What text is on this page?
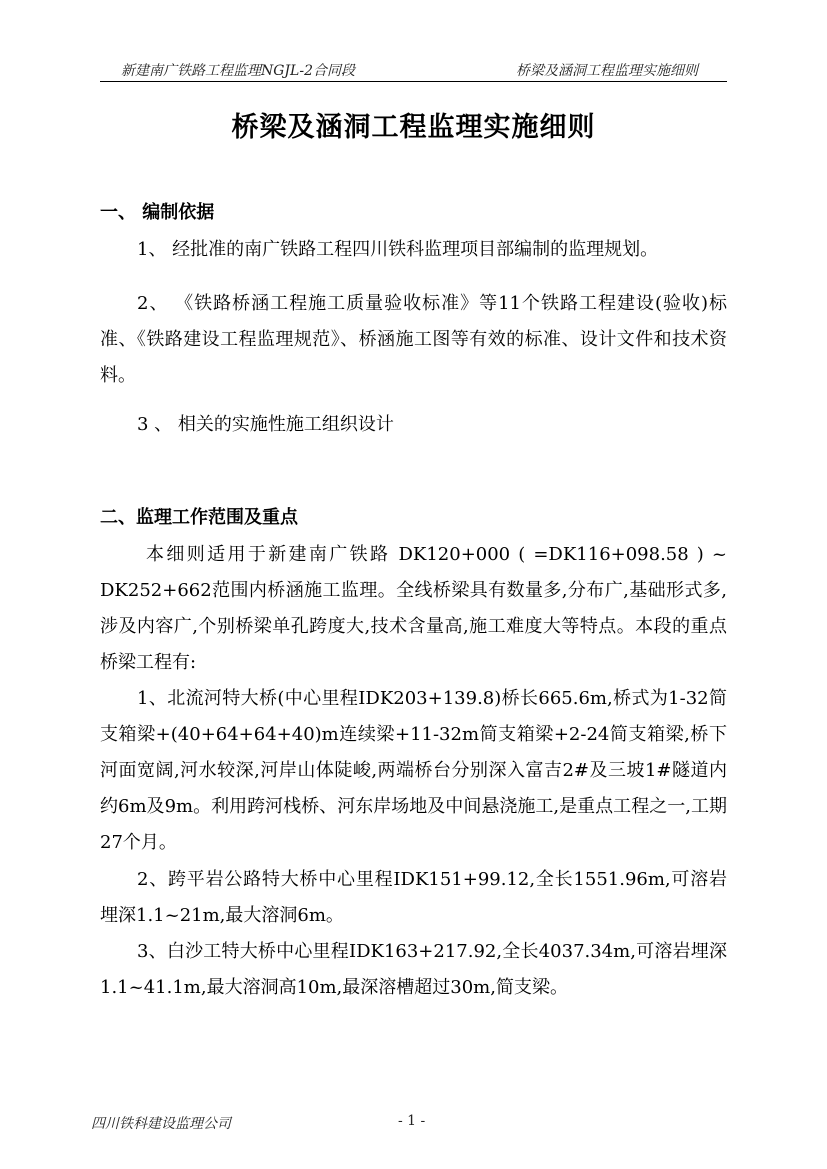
新建南广铁路工程监理NGJL-2合同段	桥梁及涵洞工程监理实施细则
桥梁及涵洞工程监理实施细则
一、 编制依据

1、 经批准的南广铁路工程四川铁科监理项目部编制的监理规划。

2、 《铁路桥涵工程施工质量验收标准》等11个铁路工程建设(验收)标准、《铁路建设工程监理规范》、桥涵施工图等有效的标准、设计文件和技术资料。

3 、 相关的实施性施工组织设计

二、监理工作范围及重点

本细则适用于新建南广铁路 DK120+000 ( =DK116+098.58 ) ~ DK252+662范围内桥涵施工监理。全线桥梁具有数量多,分布广,基础形式多,涉及内容广,个别桥梁单孔跨度大,技术含量高,施工难度大等特点。本段的重点桥梁工程有:

1、北流河特大桥(中心里程IDK203+139.8)桥长665.6m,桥式为1-32简支箱梁+(40+64+64+40)m连续梁+11-32m简支箱梁+2-24简支箱梁,桥下河面宽阔,河水较深,河岸山体陡峻,两端桥台分别深入富吉2#及三坡1#隧道内约6m及9m。利用跨河栈桥、河东岸场地及中间悬浇施工,是重点工程之一,工期27个月。

2、跨平岩公路特大桥中心里程IDK151+99.12,全长1551.96m,可溶岩埋深1.1~21m,最大溶洞6m。

3、白沙工特大桥中心里程IDK163+217.92,全长4037.34m,可溶岩埋深1.1~41.1m,最大溶洞高10m,最深溶槽超过30m,简支梁。

四川铁科建设监理公司	- 1 -
